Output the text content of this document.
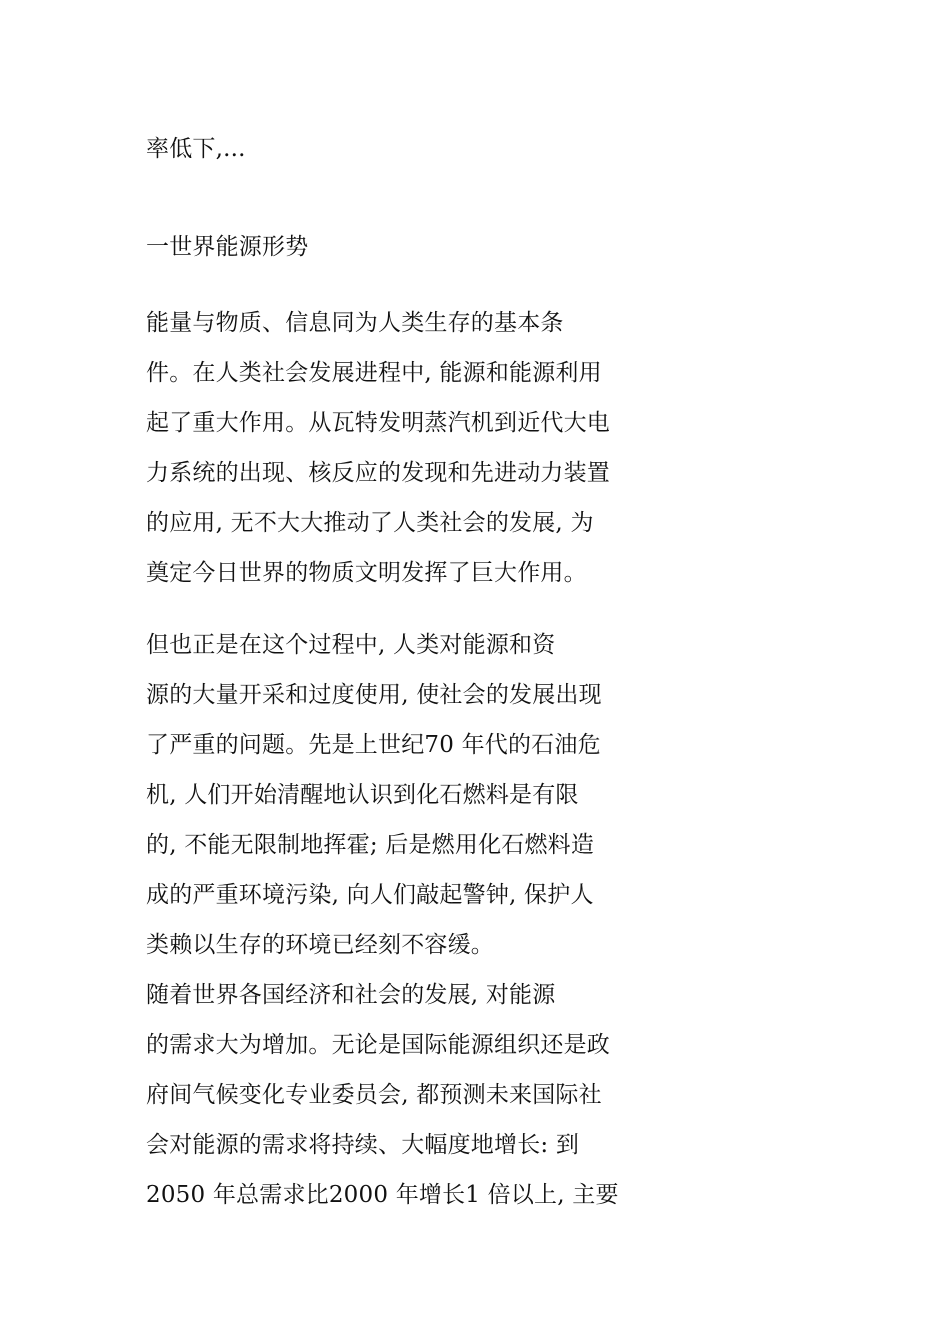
率低下,...
一世界能源形势
能量与物质、信息同为人类生存的基本条
件。在人类社会发展进程中, 能源和能源利用
起了重大作用。从瓦特发明蒸汽机到近代大电
力系统的出现、核反应的发现和先进动力装置
的应用, 无不大大推动了人类社会的发展, 为
奠定今日世界的物质文明发挥了巨大作用。
但也正是在这个过程中, 人类对能源和资
源的大量开采和过度使用, 使社会的发展出现
了严重的问题。先是上世纪70 年代的石油危
机, 人们开始清醒地认识到化石燃料是有限
的, 不能无限制地挥霍; 后是燃用化石燃料造
成的严重环境污染, 向人们敲起警钟, 保护人
类赖以生存的环境已经刻不容缓。
随着世界各国经济和社会的发展, 对能源
的需求大为增加。无论是国际能源组织还是政
府间气候变化专业委员会, 都预测未来国际社
会对能源的需求将持续、大幅度地增长: 到
2050 年总需求比2000 年增长1 倍以上, 主要
